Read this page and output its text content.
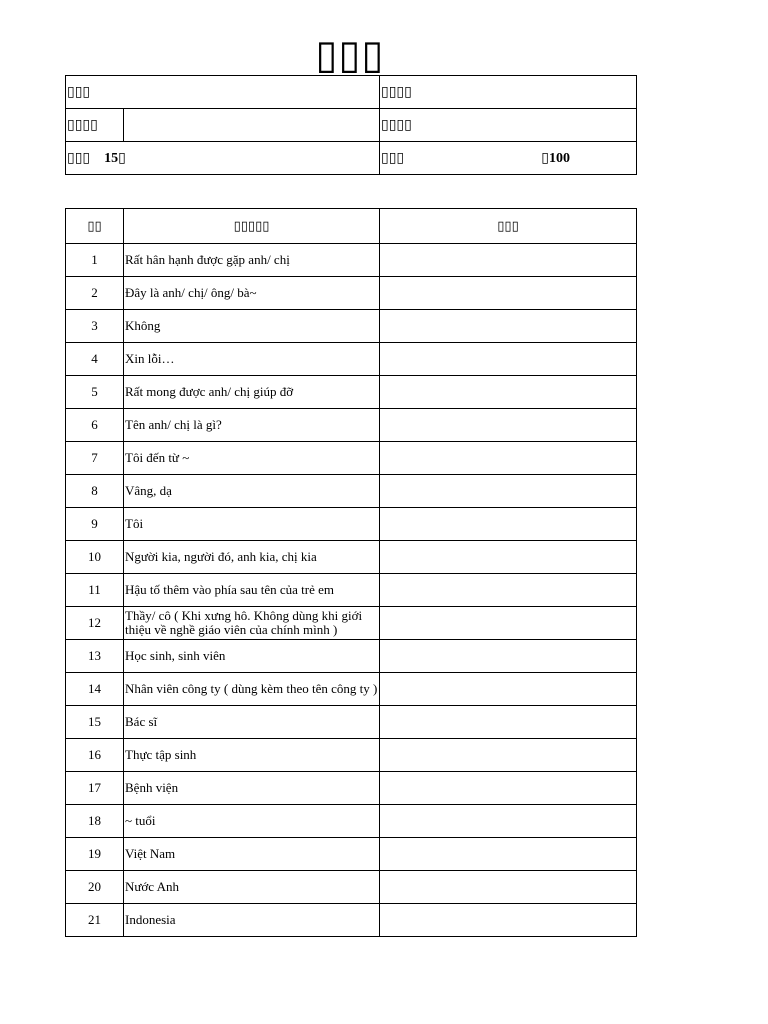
▯▯▯
▯▯▯		▯▯▯▯
▯▯▯▯		▯▯▯▯
▯▯▯ 15▯		▯▯▯ ▯100
▯▯	▯▯▯▯▯	▯▯▯
1	Rất hân hạnh được gặp anh/ chị	
2	Đây là anh/ chị/ ông/ bà~	
3	Không	
4	Xin lỗi…	
5	Rất mong được anh/ chị giúp đỡ	
6	Tên anh/ chị là gì?	
7	Tôi đến từ ~	
8	Vâng, dạ	
9	Tôi	
10	Người kia, người đó, anh kia, chị kia	
11	Hậu tố thêm vào phía sau tên của trẻ em	
12	Thầy/ cô ( Khi xưng hô. Không dùng khi giới thiệu về nghề giáo viên của chính mình )	
13	Học sinh, sinh viên	
14	Nhân viên công ty ( dùng kèm theo tên công ty )	
15	Bác sĩ	
16	Thực tập sinh	
17	Bệnh viện	
18	~ tuổi	
19	Việt Nam	
20	Nước Anh	
21	Indonesia	
